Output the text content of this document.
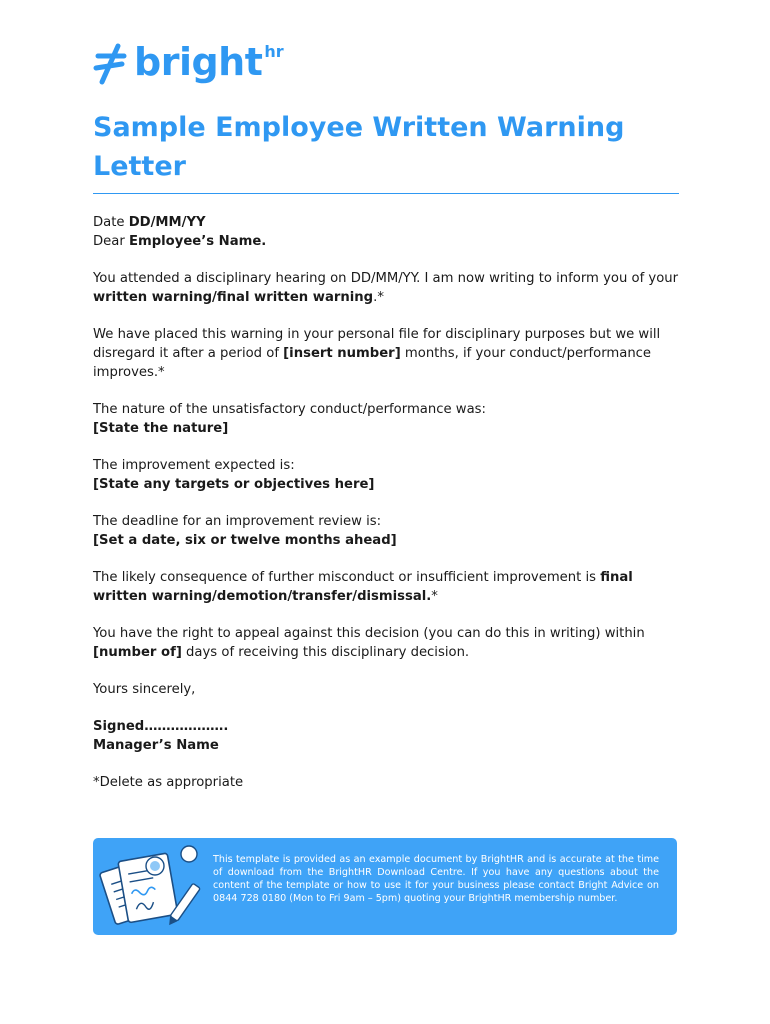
bright hr
Sample Employee Written Warning Letter

Date DD/MM/YY
Dear Employee’s Name.

You attended a disciplinary hearing on DD/MM/YY. I am now writing to inform you of your written warning/final written warning.*

We have placed this warning in your personal file for disciplinary purposes but we will disregard it after a period of [insert number] months, if your conduct/performance improves.*

The nature of the unsatisfactory conduct/performance was:
[State the nature]

The improvement expected is:
[State any targets or objectives here]

The deadline for an improvement review is:
[Set a date, six or twelve months ahead]

The likely consequence of further misconduct or insufficient improvement is final written warning/demotion/transfer/dismissal.*

You have the right to appeal against this decision (you can do this in writing) within [number of] days of receiving this disciplinary decision.

Yours sincerely,

Signed……………….
Manager’s Name

*Delete as appropriate

This template is provided as an example document by BrightHR and is accurate at the time of download from the BrightHR Download Centre. If you have any questions about the content of the template or how to use it for your business please contact Bright Advice on 0844 728 0180 (Mon to Fri 9am – 5pm) quoting your BrightHR membership number.
